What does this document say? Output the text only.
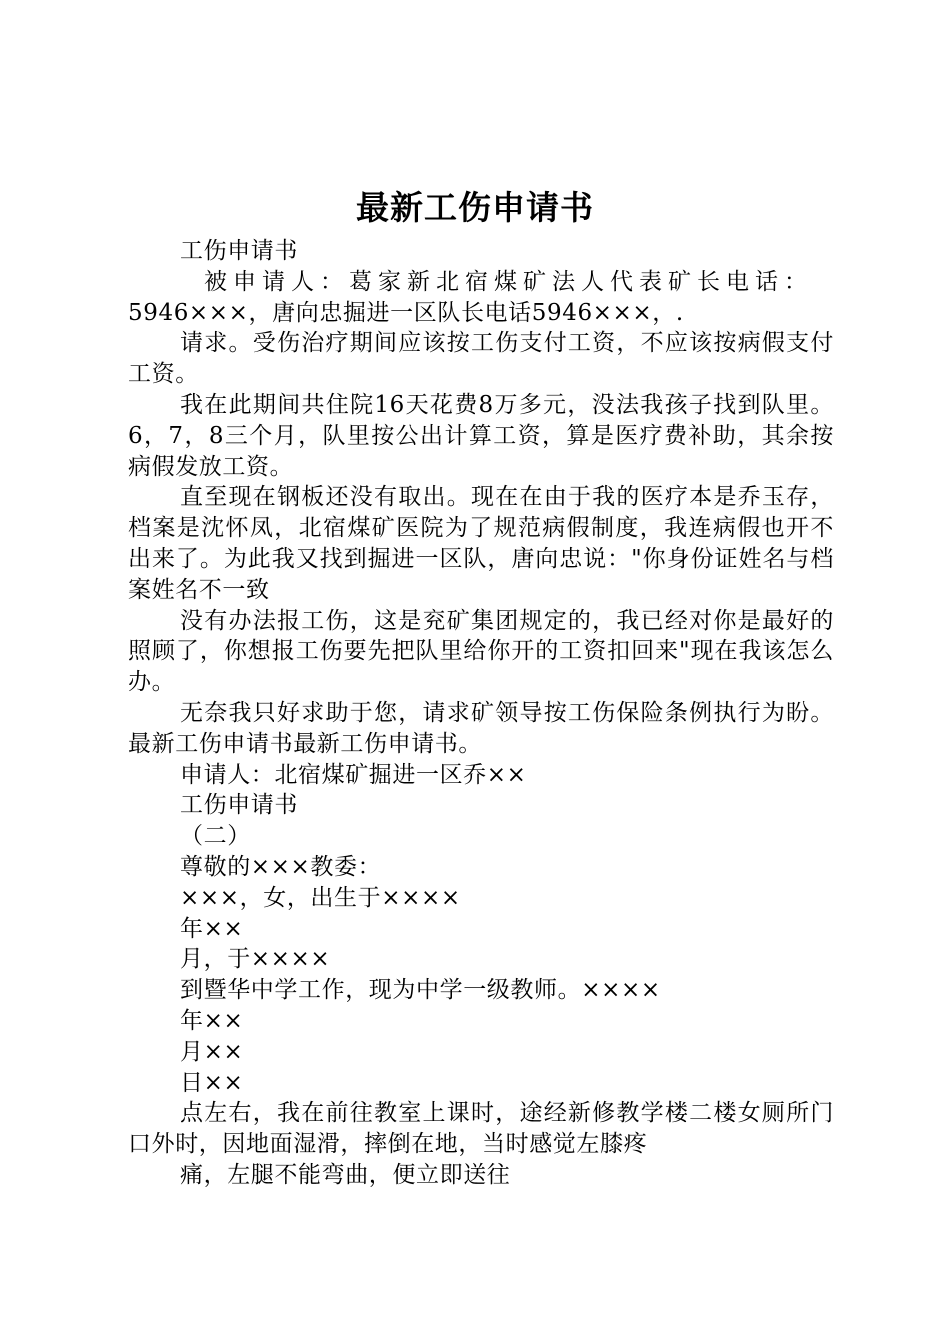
最新工伤申请书

工伤申请书

被申请人：葛家新北宿煤矿法人代表矿长电话：

5946×××，唐向忠掘进一区队长电话5946×××，.

请求。受伤治疗期间应该按工伤支付工资，不应该按病假支付工资。

我在此期间共住院16天花费8万多元，没法我孩子找到队里。6，7，8三个月，队里按公出计算工资，算是医疗费补助，其余按病假发放工资。

直至现在钢板还没有取出。现在在由于我的医疗本是乔玉存，档案是沈怀凤，北宿煤矿医院为了规范病假制度，我连病假也开不出来了。为此我又找到掘进一区队，唐向忠说："你身份证姓名与档案姓名不一致

没有办法报工伤，这是兖矿集团规定的，我已经对你是最好的照顾了，你想报工伤要先把队里给你开的工资扣回来"现在我该怎么办。

无奈我只好求助于您，请求矿领导按工伤保险条例执行为盼。最新工伤申请书最新工伤申请书。

申请人：北宿煤矿掘进一区乔××

工伤申请书

（二）

尊敬的×××教委：

×××，女，出生于××××

年××

月，于××××

到暨华中学工作，现为中学一级教师。××××

年××

月××

日××

点左右，我在前往教室上课时，途经新修教学楼二楼女厕所门口外时，因地面湿滑，摔倒在地，当时感觉左膝疼

痛，左腿不能弯曲，便立即送往
